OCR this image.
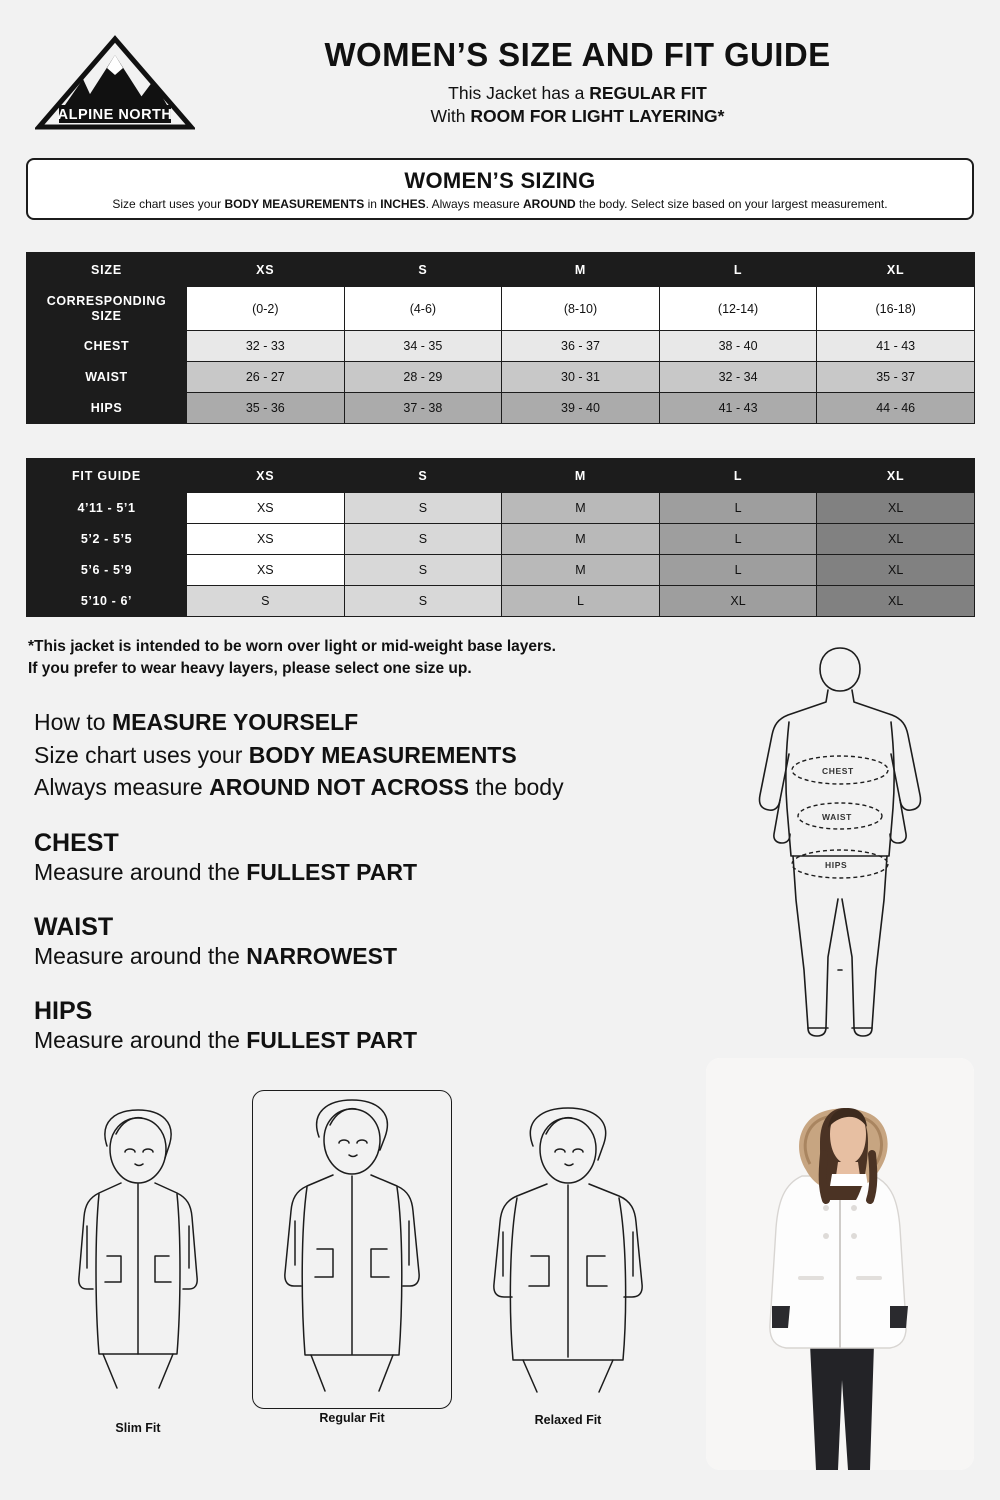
ALPINE NORTH
WOMEN’S SIZE AND FIT GUIDE
This Jacket has a REGULAR FIT
With ROOM FOR LIGHT LAYERING*
WOMEN’S SIZING
Size chart uses your BODY MEASUREMENTS in INCHES. Always measure AROUND the body. Select size based on your largest measurement.
SIZE	XS	S	M	L	XL
CORRESPONDING SIZE	(0-2)	(4-6)	(8-10)	(12-14)	(16-18)
CHEST	32 - 33	34 - 35	36 - 37	38 - 40	41 - 43
WAIST	26 - 27	28 - 29	30 - 31	32 - 34	35 - 37
HIPS	35 - 36	37 - 38	39 - 40	41 - 43	44 - 46
FIT GUIDE	XS	S	M	L	XL
4’11 - 5’1	XS	S	M	L	XL
5’2 - 5’5	XS	S	M	L	XL
5’6 - 5’9	XS	S	M	L	XL
5’10 - 6’	S	S	L	XL	XL
*This jacket is intended to be worn over light or mid-weight base layers.
If you prefer to wear heavy layers, please select one size up.
How to MEASURE YOURSELF
Size chart uses your BODY MEASUREMENTS
Always measure AROUND NOT ACROSS the body
CHEST
Measure around the FULLEST PART
WAIST
Measure around the NARROWEST
HIPS
Measure around the FULLEST PART
CHEST
WAIST
HIPS
Slim Fit
Regular Fit	Relaxed Fit
